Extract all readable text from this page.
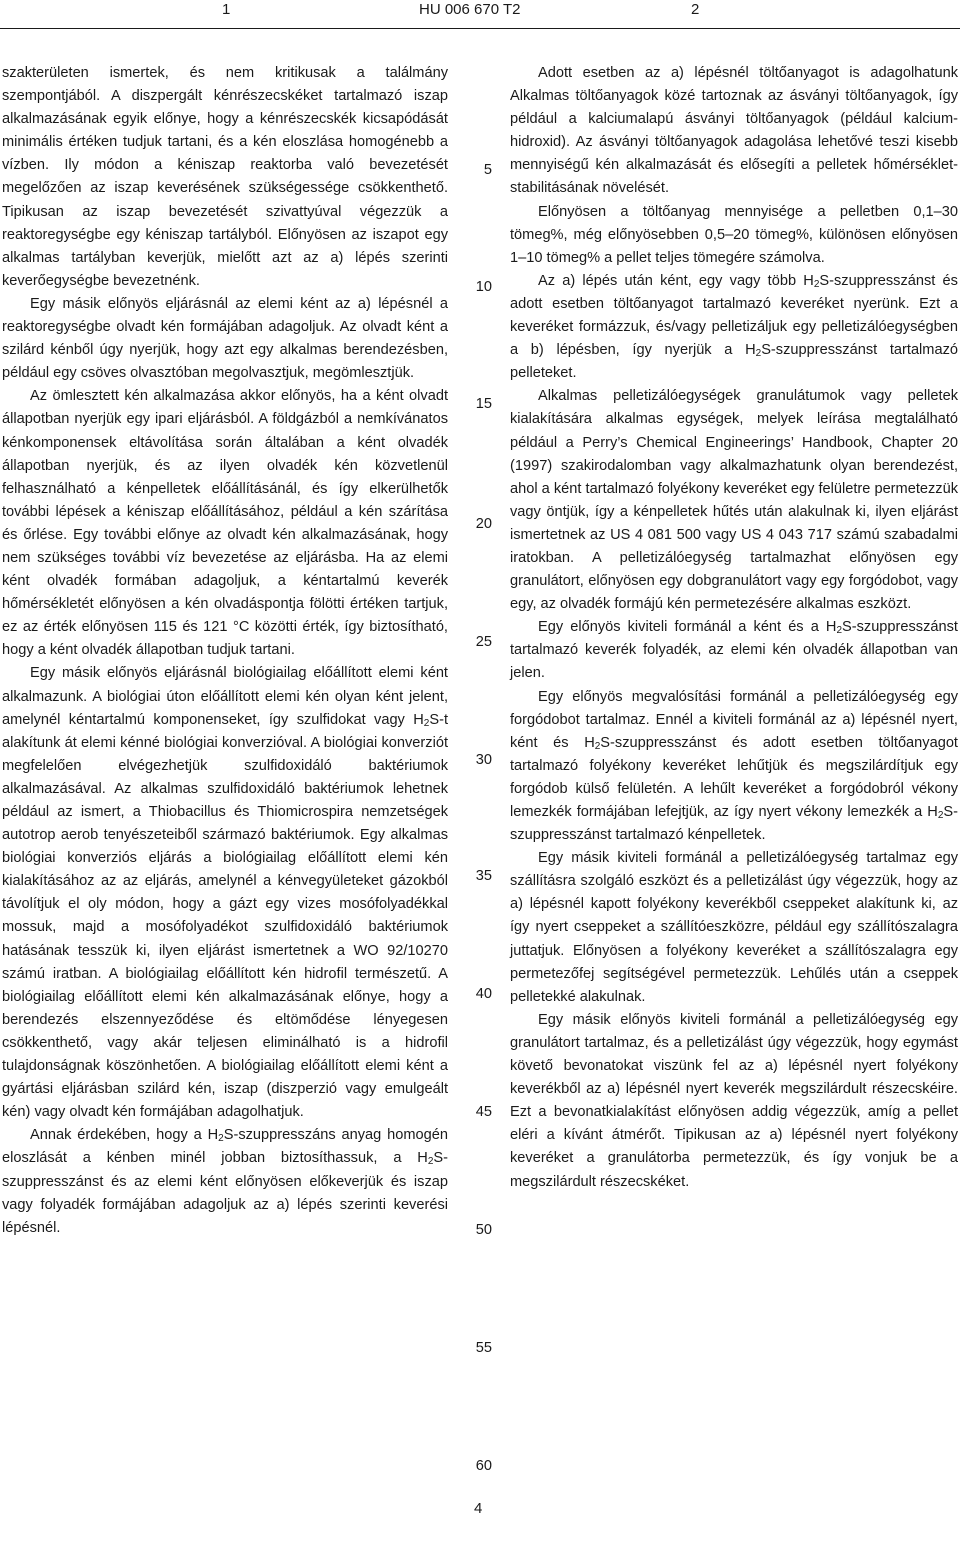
1	HU 006 670 T2	2

szakterületen ismertek, és nem kritikusak a találmány szempontjából. A diszpergált kénrészecskéket tartalmazó iszap alkalmazásának egyik előnye, hogy a kénrészecskék kicsapódását minimális értéken tudjuk tartani, és a kén eloszlása homogénebb a vízben. Ily módon a kéniszap reaktorba való bevezetését megelőzően az iszap keverésének szükségessége csökkenthető. Tipikusan az iszap bevezetését szivattyúval végezzük a reaktoregységbe egy kéniszap tartályból. Előnyösen az iszapot egy alkalmas tartályban keverjük, mielőtt azt az a) lépés szerinti keverőegységbe bevezetnénk.

Egy másik előnyös eljárásnál az elemi ként az a) lépésnél a reaktoregységbe olvadt kén formájában adagoljuk. Az olvadt ként a szilárd kénből úgy nyerjük, hogy azt egy alkalmas berendezésben, például egy csöves olvasztóban megolvasztjuk, megömlesztjük.

Az ömlesztett kén alkalmazása akkor előnyös, ha a ként olvadt állapotban nyerjük egy ipari eljárásból. A földgázból a nemkívánatos kénkomponensek eltávolítása során általában a ként olvadék állapotban nyerjük, és az ilyen olvadék kén közvetlenül felhasználható a kénpelletek előállításánál, és így elkerülhetők további lépések a kéniszap előállításához, például a kén szárítása és őrlése. Egy további előnye az olvadt kén alkalmazásának, hogy nem szükséges további víz bevezetése az eljárásba. Ha az elemi ként olvadék formában adagoljuk, a kéntartalmú keverék hőmérsékletét előnyösen a kén olvadáspontja fölötti értéken tartjuk, ez az érték előnyösen 115 és 121 °C közötti érték, így biztosítható, hogy a ként olvadék állapotban tudjuk tartani.

Egy másik előnyös eljárásnál biológiailag előállított elemi ként alkalmazunk. A biológiai úton előállított elemi kén olyan ként jelent, amelynél kéntartalmú komponenseket, így szulfidokat vagy $H_2S-t$ alakítunk át elemi kénné biológiai konverzióval. A biológiai konverziót megfelelően elvégezhetjük szulfidoxidáló baktériumok alkalmazásával. Az alkalmas szulfidoxidáló baktériumok lehetnek például az ismert, a Thiobacillus és Thiomicrospira nemzetségek autotrop aerob tenyészeteiből származó baktériumok. Egy alkalmas biológiai konverziós eljárás a biológiailag előállított elemi kén kialakításához az az eljárás, amelynél a kénvegyületeket gázokból távolítjuk el oly módon, hogy a gázt egy vizes mosófolyadékkal mossuk, majd a mosófolyadékot szulfidoxidáló baktériumok hatásának tesszük ki, ilyen eljárást ismertetnek a WO 92/10270 számú iratban. A biológiailag előállított kén hidrofil természetű. A biológiailag előállított elemi kén alkalmazásának előnye, hogy a berendezés elszennyeződése és eltömődése lényegesen csökkenthető, vagy akár teljesen eliminálható is a hidrofil tulajdonságnak köszönhetően. A biológiailag előállított elemi ként a gyártási eljárásban szilárd kén, iszap (diszperzió vagy emulgeált kén) vagy olvadt kén formájában adagolhatjuk.

Annak érdekében, hogy a $H_2S$-szuppresszáns anyag homogén eloszlását a kénben minél jobban biztosíthassuk, a $H_2S$-szuppresszánst és az elemi ként előnyösen előkeverjük és iszap vagy folyadék formájában adagoljuk az a) lépés szerinti keverési lépésnél.

Adott esetben az a) lépésnél töltőanyagot is adagolhatunk Alkalmas töltőanyagok közé tartoznak az ásványi töltőanyagok, így például a kalciumalapú ásványi töltőanyagok (például kalcium-hidroxid). Az ásványi töltőanyagok adagolása lehetővé teszi kisebb mennyiségű kén alkalmazását és elősegíti a pelletek hőmérséklet-stabilitásának növelését.

Előnyösen a töltőanyag mennyisége a pelletben 0,1–30 tömeg%, még előnyösebben 0,5–20 tömeg%, különösen előnyösen 1–10 tömeg% a pellet teljes tömegére számolva.

Az a) lépés után ként, egy vagy több $H_2S$-szuppresszánst és adott esetben töltőanyagot tartalmazó keveréket nyerünk. Ezt a keveréket formázzuk, és/vagy pelletizáljuk egy pelletizálóegységben a b) lépésben, így nyerjük a $H_2S$-szuppresszánst tartalmazó pelleteket.

Alkalmas pelletizálóegységek granulátumok vagy pelletek kialakítására alkalmas egységek, melyek leírása megtalálható például a Perry’s Chemical Engineerings’ Handbook, Chapter 20 (1997) szakirodalomban vagy alkalmazhatunk olyan berendezést, ahol a ként tartalmazó folyékony keveréket egy felületre permetezzük vagy öntjük, így a kénpelletek hűtés után alakulnak ki, ilyen eljárást ismertetnek az US 4 081 500 vagy US 4 043 717 számú szabadalmi iratokban. A pelletizálóegység tartalmazhat előnyösen egy granulátort, előnyösen egy dobgranulátort vagy egy forgódobot, vagy egy, az olvadék formájú kén permetezésére alkalmas eszközt.

Egy előnyös kiviteli formánál a ként és a $H_2S$-szuppresszánst tartalmazó keverék folyadék, az elemi kén olvadék állapotban van jelen.

Egy előnyös megvalósítási formánál a pelletizálóegység egy forgódobot tartalmaz. Ennél a kiviteli formánál az a) lépésnél nyert, ként és $H_2S$-szuppresszánst és adott esetben töltőanyagot tartalmazó folyékony keveréket lehűtjük és megszilárdítjuk egy forgódob külső felületén. A lehűlt keveréket a forgódobról vékony lemezkék formájában lefejtjük, az így nyert vékony lemezkék a $H_2S$-szuppresszánst tartalmazó kénpelletek.

Egy másik kiviteli formánál a pelletizálóegység tartalmaz egy szállításra szolgáló eszközt és a pelletizálást úgy végezzük, hogy az a) lépésnél kapott folyékony keverékből cseppeket alakítunk ki, az így nyert cseppeket a szállítóeszközre, például egy szállítószalagra juttatjuk. Előnyösen a folyékony keveréket a szállítószalagra egy permetezőfej segítségével permetezzük. Lehűlés után a cseppek pelletekké alakulnak.

Egy másik előnyös kiviteli formánál a pelletizálóegység egy granulátort tartalmaz, és a pelletizálást úgy végezzük, hogy egymást követő bevonatokat viszünk fel az a) lépésnél nyert folyékony keverékből az a) lépésnél nyert keverék megszilárdult részecskéire. Ezt a bevonatkialakítást előnyösen addig végezzük, amíg a pellet eléri a kívánt átmérőt. Tipikusan az a) lépésnél nyert folyékony keveréket a granulátorba permetezzük, és így vonjuk be a megszilárdult részecskéket.

5
10
15
20
25
30
35
40
45
50
55
60
4
